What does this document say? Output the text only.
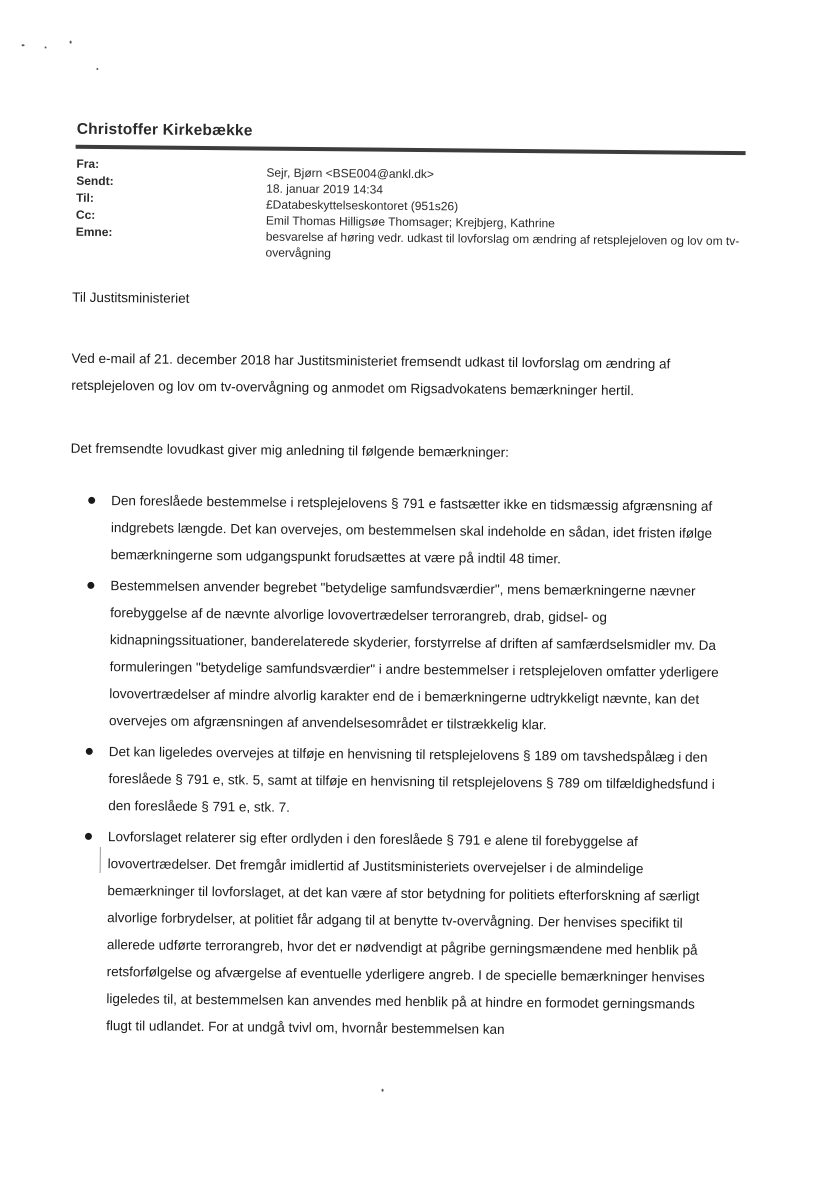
Christoffer Kirkebække
Fra:
Sendt:
Til:
Cc:
Emne:
Sejr, Bjørn <BSE004@ankl.dk>
18. januar 2019 14:34
£Databeskyttelseskontoret (951s26)
Emil Thomas Hilligsøe Thomsager; Krejbjerg, Kathrine
besvarelse af høring vedr. udkast til lovforslag om ændring af retsplejeloven og lov om tv-overvågning
Til Justitsministeriet
Ved e-mail af 21. december 2018 har Justitsministeriet fremsendt udkast til lovforslag om ændring af retsplejeloven og lov om tv-overvågning og anmodet om Rigsadvokatens bemærkninger hertil.
Det fremsendte lovudkast giver mig anledning til følgende bemærkninger:
Den foreslåede bestemmelse i retsplejelovens § 791 e fastsætter ikke en tidsmæssig afgrænsning af indgrebets længde. Det kan overvejes, om bestemmelsen skal indeholde en sådan, idet fristen ifølge bemærkningerne som udgangspunkt forudsættes at være på indtil 48 timer.
Bestemmelsen anvender begrebet "betydelige samfundsværdier", mens bemærkningerne nævner forebyggelse af de nævnte alvorlige lovovertrædelser terrorangreb, drab, gidsel- og kidnapningssituationer, banderelaterede skyderier, forstyrrelse af driften af samfærdselsmidler mv. Da formuleringen "betydelige samfundsværdier" i andre bestemmelser i retsplejeloven omfatter yderligere lovovertrædelser af mindre alvorlig karakter end de i bemærkningerne udtrykkeligt nævnte, kan det overvejes om afgrænsningen af anvendelsesområdet er tilstrækkelig klar.
Det kan ligeledes overvejes at tilføje en henvisning til retsplejelovens § 189 om tavshedspålæg i den foreslåede § 791 e, stk. 5, samt at tilføje en henvisning til retsplejelovens § 789 om tilfældighedsfund i den foreslåede § 791 e, stk. 7.
Lovforslaget relaterer sig efter ordlyden i den foreslåede § 791 e alene til forebyggelse af lovovertrædelser. Det fremgår imidlertid af Justitsministeriets overvejelser i de almindelige bemærkninger til lovforslaget, at det kan være af stor betydning for politiets efterforskning af særligt alvorlige forbrydelser, at politiet får adgang til at benytte tv-overvågning. Der henvises specifikt til allerede udførte terrorangreb, hvor det er nødvendigt at pågribe gerningsmændene med henblik på retsforfølgelse og afværgelse af eventuelle yderligere angreb. I de specielle bemærkninger henvises ligeledes til, at bestemmelsen kan anvendes med henblik på at hindre en formodet gerningsmands flugt til udlandet. For at undgå tvivl om, hvornår bestemmelsen kan
